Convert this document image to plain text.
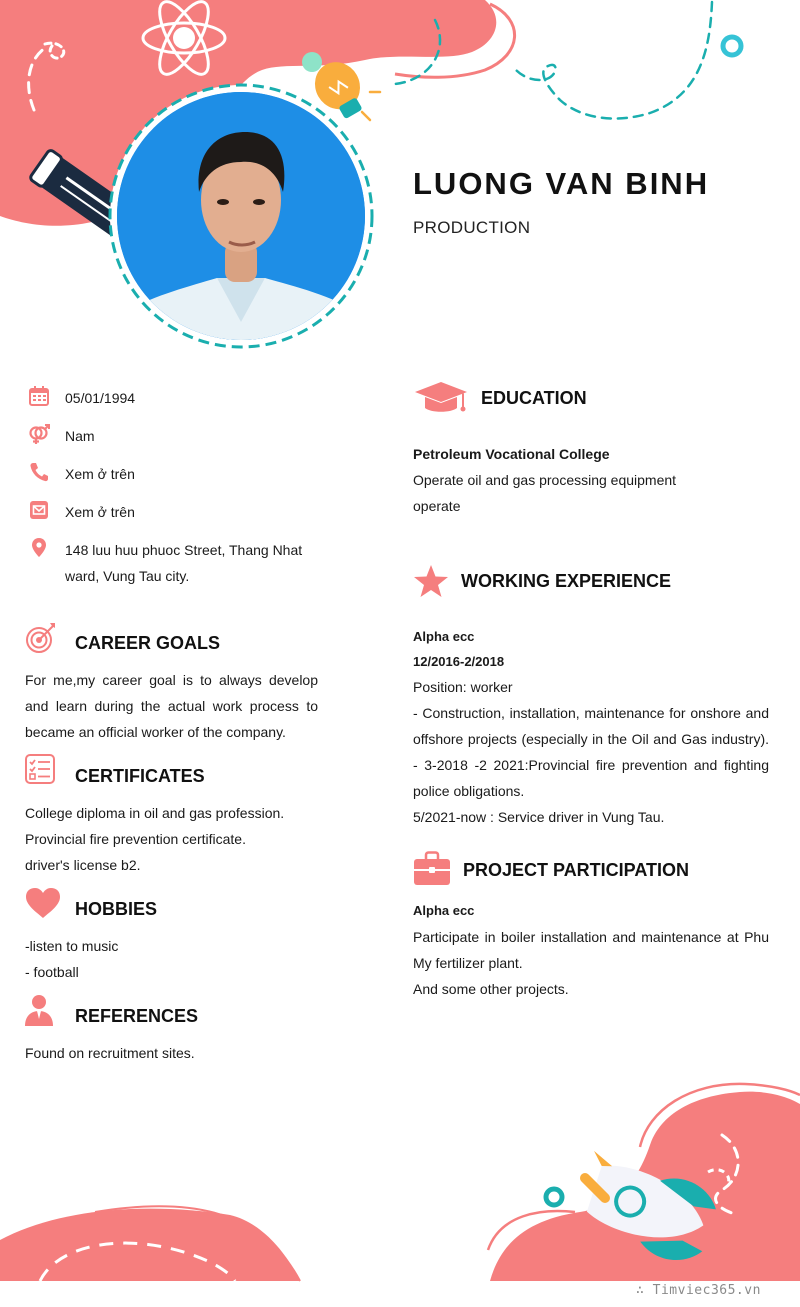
LUONG VAN BINH
PRODUCTION
05/01/1994
Nam
Xem ở trên
Xem ở trên
148 luu huu phuoc Street, Thang Nhat
ward, Vung Tau city.
CAREER GOALS
For me,my career goal is to always develop
and learn during the actual work process to
became an official worker of the company.
CERTIFICATES
College diploma in oil and gas profession.
Provincial fire prevention certificate.
driver's license b2.
HOBBIES
-listen to music
- football
REFERENCES
Found on recruitment sites.
EDUCATION
Petroleum Vocational College
Operate oil and gas processing equipment
operate
WORKING EXPERIENCE
Alpha ecc
12/2016-2/2018
Position: worker
- Construction, installation, maintenance for onshore and
offshore projects (especially in the Oil and Gas industry).
- 3-2018 -2 2021:Provincial fire prevention and fighting
police obligations.
5/2021-now : Service driver in Vung Tau.
PROJECT PARTICIPATION
Alpha ecc
Participate in boiler installation and maintenance at Phu
My fertilizer plant.
And some other projects.
∴ Timviec365.vn
